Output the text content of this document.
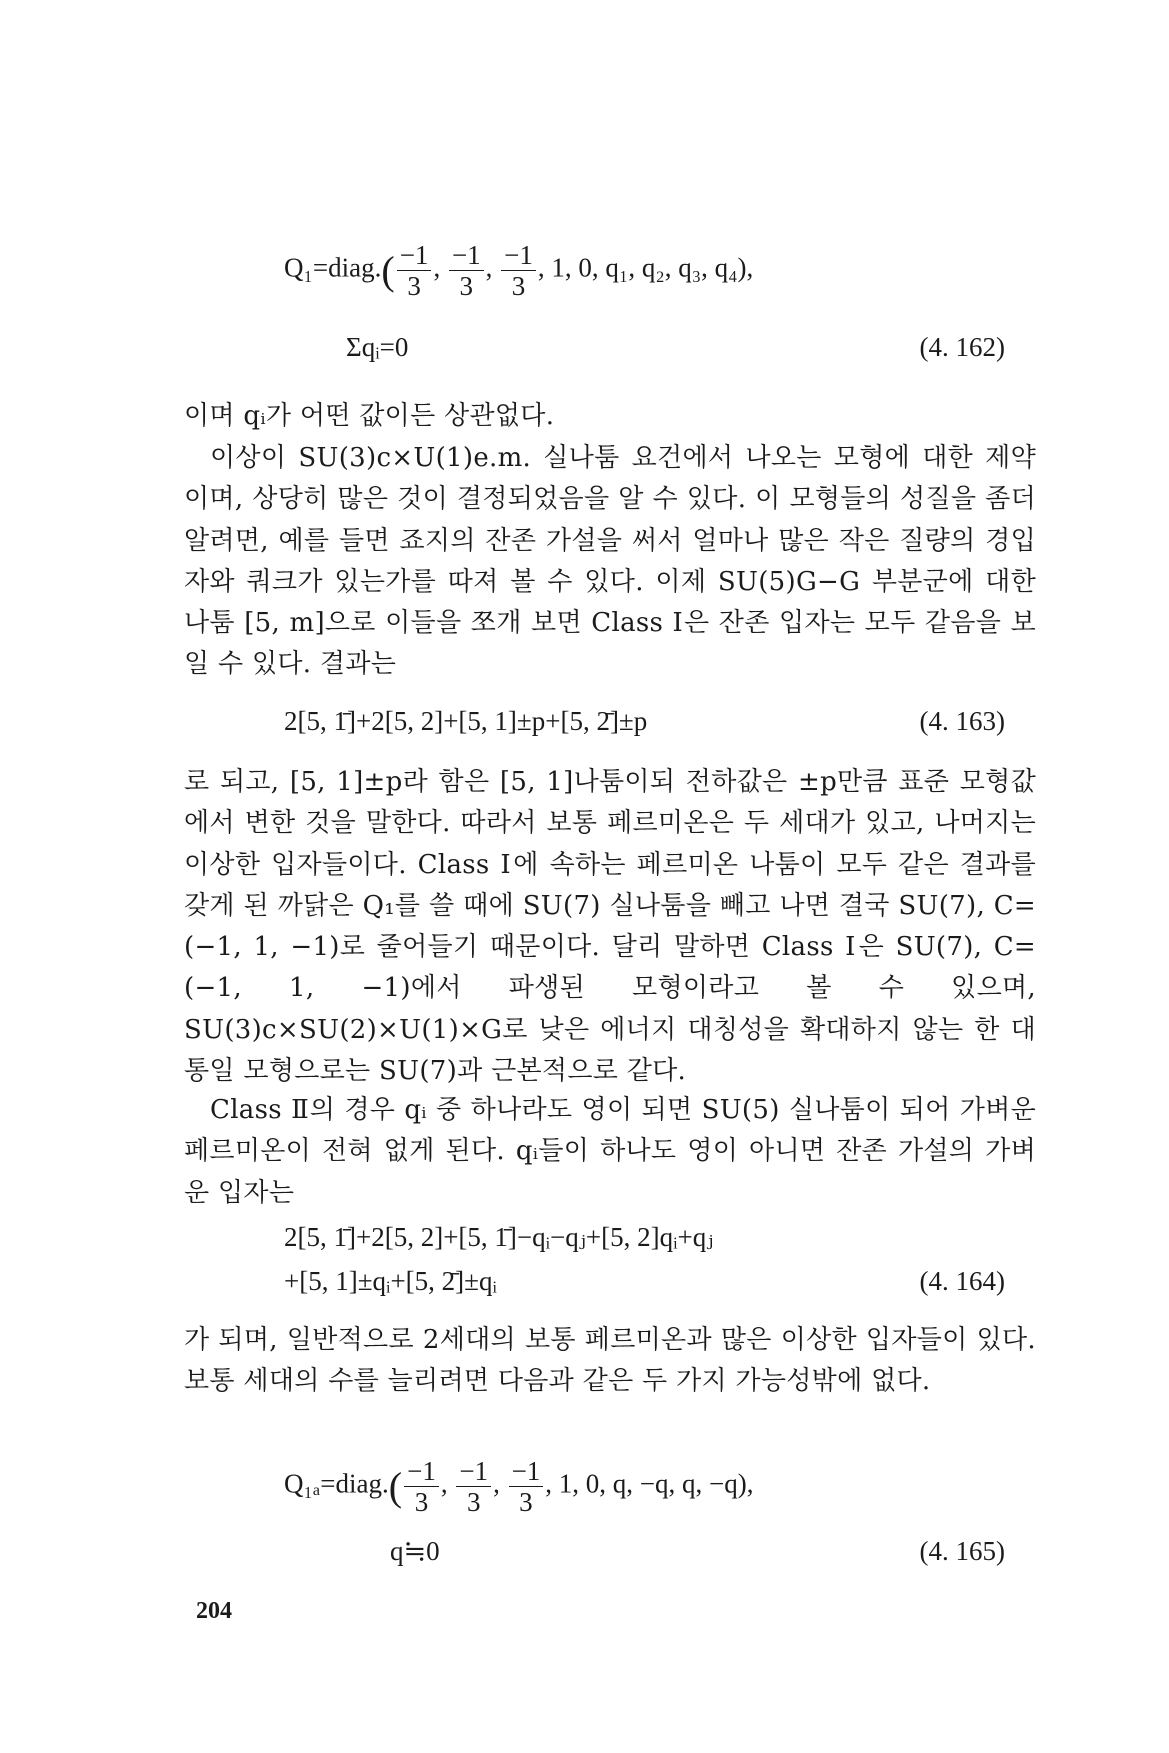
Q₁=diag.( $\frac{-1}{3}$ , $\frac{-1}{3}$ , $\frac{-1}{3}$ , 1, 0, q₁, q₂, q₃, q₄),
Σqᵢ=0	(4. 162)
이며 qᵢ가 어떤 값이든 상관없다.
이상이 SU(3)c×U(1)e.m. 실나툼 요건에서 나오는 모형에 대한 제약이며, 상당히 많은 것이 결정되었음을 알 수 있다. 이 모형들의 성질을 좀더 알려면, 예를 들면 죠지의 잔존 가설을 써서 얼마나 많은 작은 질량의 경입자와 쿼크가 있는가를 따져 볼 수 있다. 이제 SU(5)G−G 부분군에 대한 나툼 [5, m]으로 이들을 쪼개 보면 Class Ⅰ은 잔존 입자는 모두 같음을 보일 수 있다. 결과는
2[5, 1̄]+2[5, 2]+[5, 1]±p+[5, 2̄]±p	(4. 163)
로 되고, [5, 1]±p라 함은 [5, 1]나툼이되 전하값은 ±p만큼 표준 모형값에서 변한 것을 말한다. 따라서 보통 페르미온은 두 세대가 있고, 나머지는 이상한 입자들이다. Class Ⅰ에 속하는 페르미온 나툼이 모두 같은 결과를 갖게 된 까닭은 Q₁를 쓸 때에 SU(7) 실나툼을 빼고 나면 결국 SU(7), C=(−1, 1, −1)로 줄어들기 때문이다. 달리 말하면 Class Ⅰ은 SU(7), C=(−1, 1, −1)에서 파생된 모형이라고 볼 수 있으며, SU(3)c×SU(2)×U(1)×G로 낮은 에너지 대칭성을 확대하지 않는 한 대통일 모형으로는 SU(7)과 근본적으로 같다.
Class Ⅱ의 경우 qᵢ 중 하나라도 영이 되면 SU(5) 실나툼이 되어 가벼운 페르미온이 전혀 없게 된다. qᵢ들이 하나도 영이 아니면 잔존 가설의 가벼운 입자는
2[5, 1̄]+2[5, 2]+[5, 1̄]−qᵢ−qⱼ+[5, 2]qᵢ+qⱼ
+[5, 1]±qᵢ+[5, 2̄]±qᵢ	(4. 164)
가 되며, 일반적으로 2세대의 보통 페르미온과 많은 이상한 입자들이 있다. 보통 세대의 수를 늘리려면 다음과 같은 두 가지 가능성밖에 없다.
Q₁ₐ=diag.( $\frac{-1}{3}$ , $\frac{-1}{3}$ , $\frac{-1}{3}$ , 1, 0, q, −q, q, −q),
q≒0	(4. 165)
204
